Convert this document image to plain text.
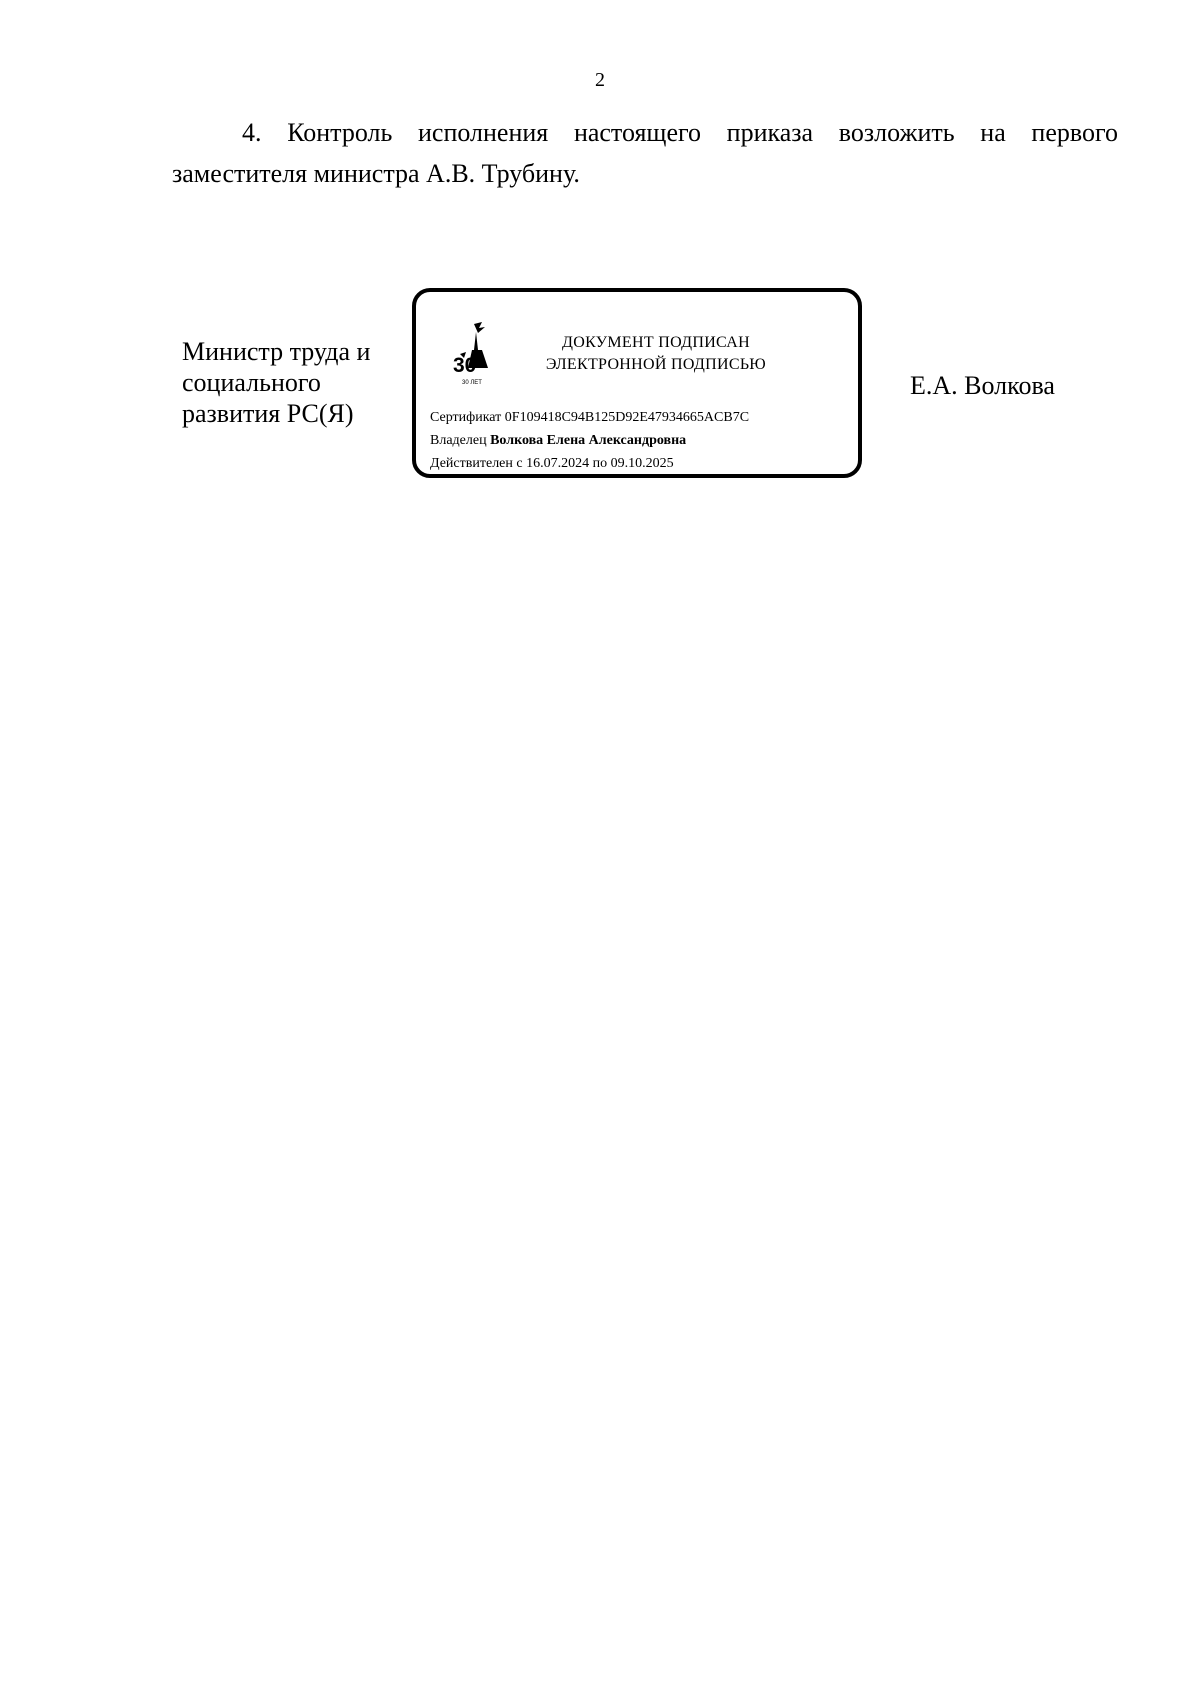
2

4. Контроль исполнения настоящего приказа возложить на первого заместителя министра А.В. Трубину.

Министр труда и
социального
развития РС(Я)
30
30 ЛЕТ
ДОКУМЕНТ ПОДПИСАН
ЭЛЕКТРОННОЙ ПОДПИСЬЮ
Сертификат 0F109418C94B125D92E47934665ACB7C
Владелец Волкова Елена Александровна
Действителен с 16.07.2024 по 09.10.2025
Е.А. Волкова
